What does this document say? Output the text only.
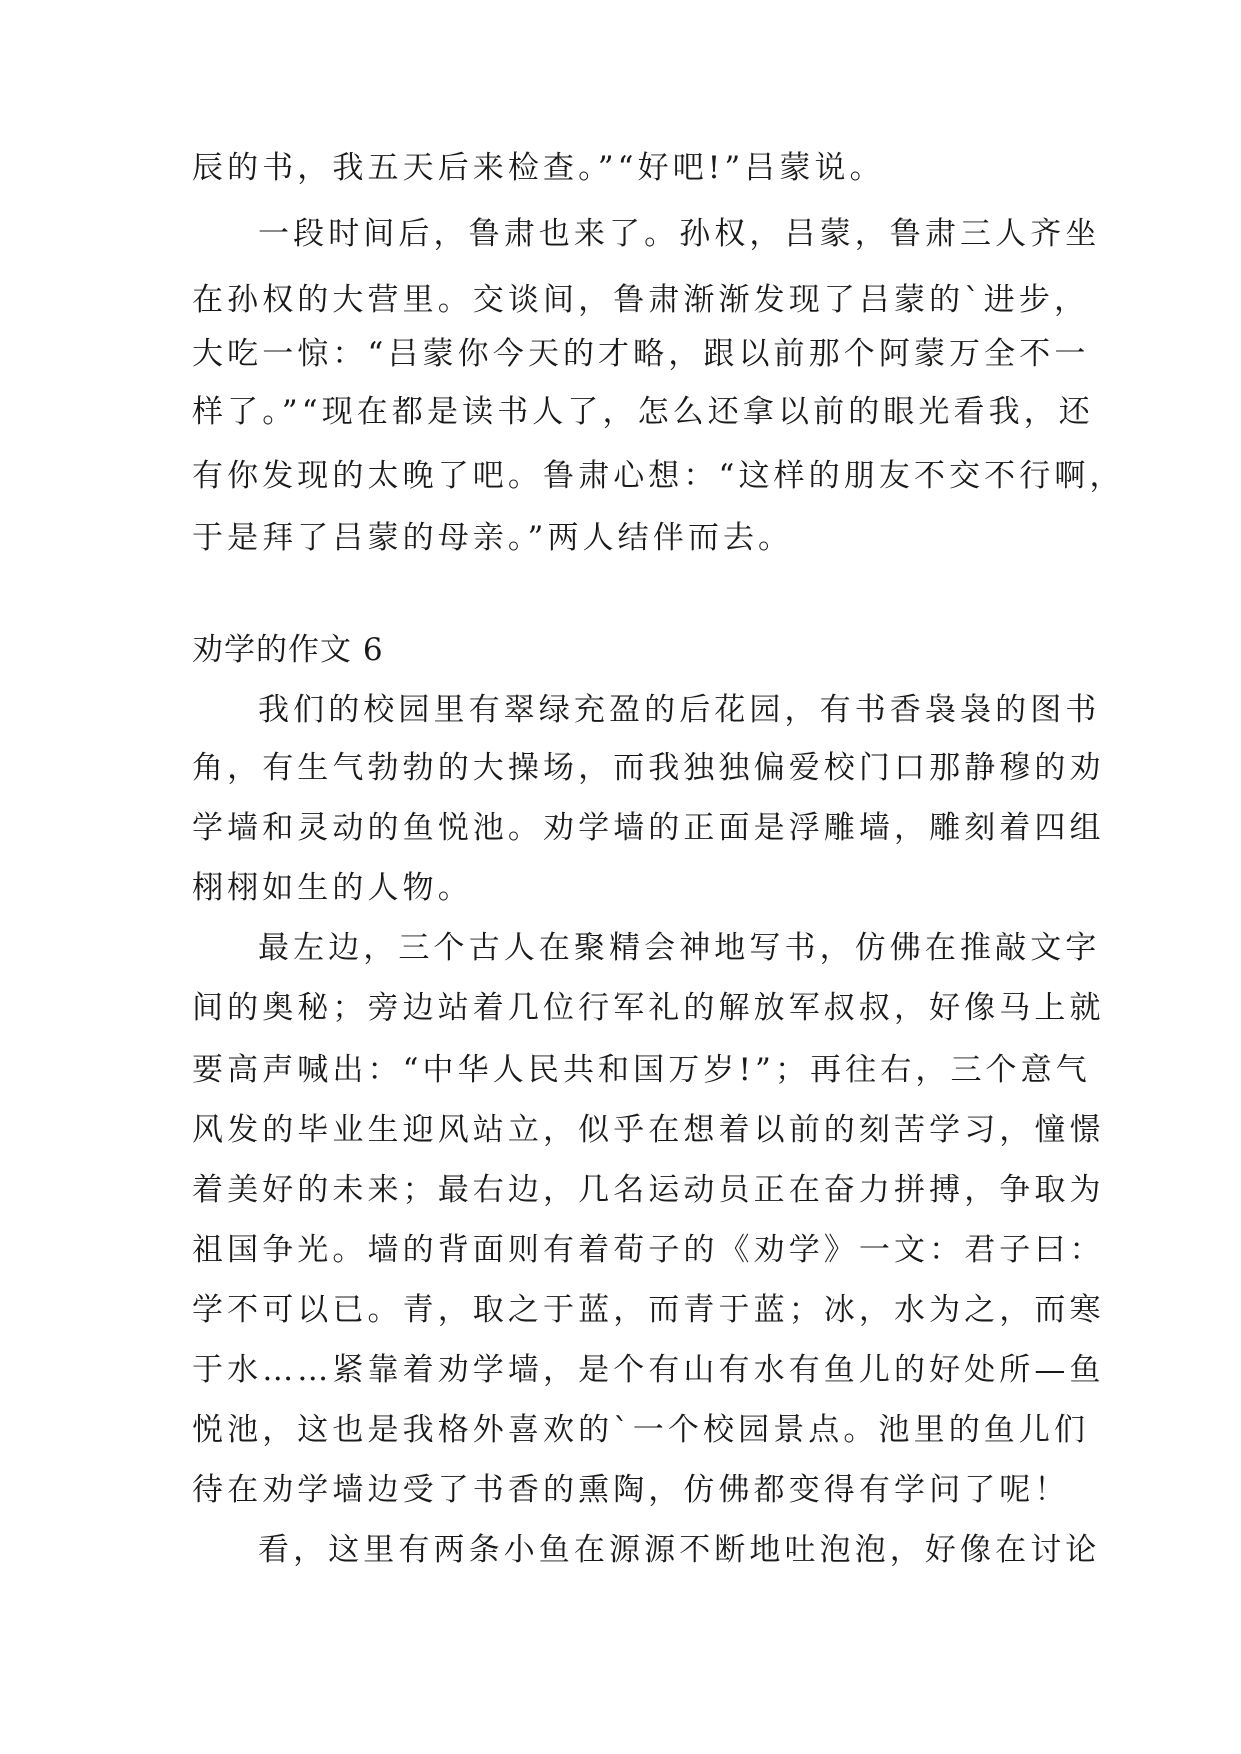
辰的书，我五天后来检查。”“好吧!”吕蒙说。
一段时间后，鲁肃也来了。孙权，吕蒙，鲁肃三人齐坐
在孙权的大营里。交谈间，鲁肃渐渐发现了吕蒙的`进步，
大吃一惊：“吕蒙你今天的才略，跟以前那个阿蒙万全不一
样了。”“现在都是读书人了，怎么还拿以前的眼光看我，还
有你发现的太晚了吧。鲁肃心想：“这样的朋友不交不行啊，
于是拜了吕蒙的母亲。”两人结伴而去。
劝学的作文 6
我们的校园里有翠绿充盈的后花园，有书香袅袅的图书
角，有生气勃勃的大操场，而我独独偏爱校门口那静穆的劝
学墙和灵动的鱼悦池。劝学墙的正面是浮雕墙，雕刻着四组
栩栩如生的人物。
最左边，三个古人在聚精会神地写书，仿佛在推敲文字
间的奥秘；旁边站着几位行军礼的解放军叔叔，好像马上就
要高声喊出：“中华人民共和国万岁!”；再往右，三个意气
风发的毕业生迎风站立，似乎在想着以前的刻苦学习，憧憬
着美好的未来；最右边，几名运动员正在奋力拼搏，争取为
祖国争光。墙的背面则有着荀子的《劝学》一文：君子曰：
学不可以已。青，取之于蓝，而青于蓝；冰，水为之，而寒
于水……紧靠着劝学墙，是个有山有水有鱼儿的好处所—鱼
悦池，这也是我格外喜欢的`一个校园景点。池里的鱼儿们
待在劝学墙边受了书香的熏陶，仿佛都变得有学问了呢！
看，这里有两条小鱼在源源不断地吐泡泡，好像在讨论
